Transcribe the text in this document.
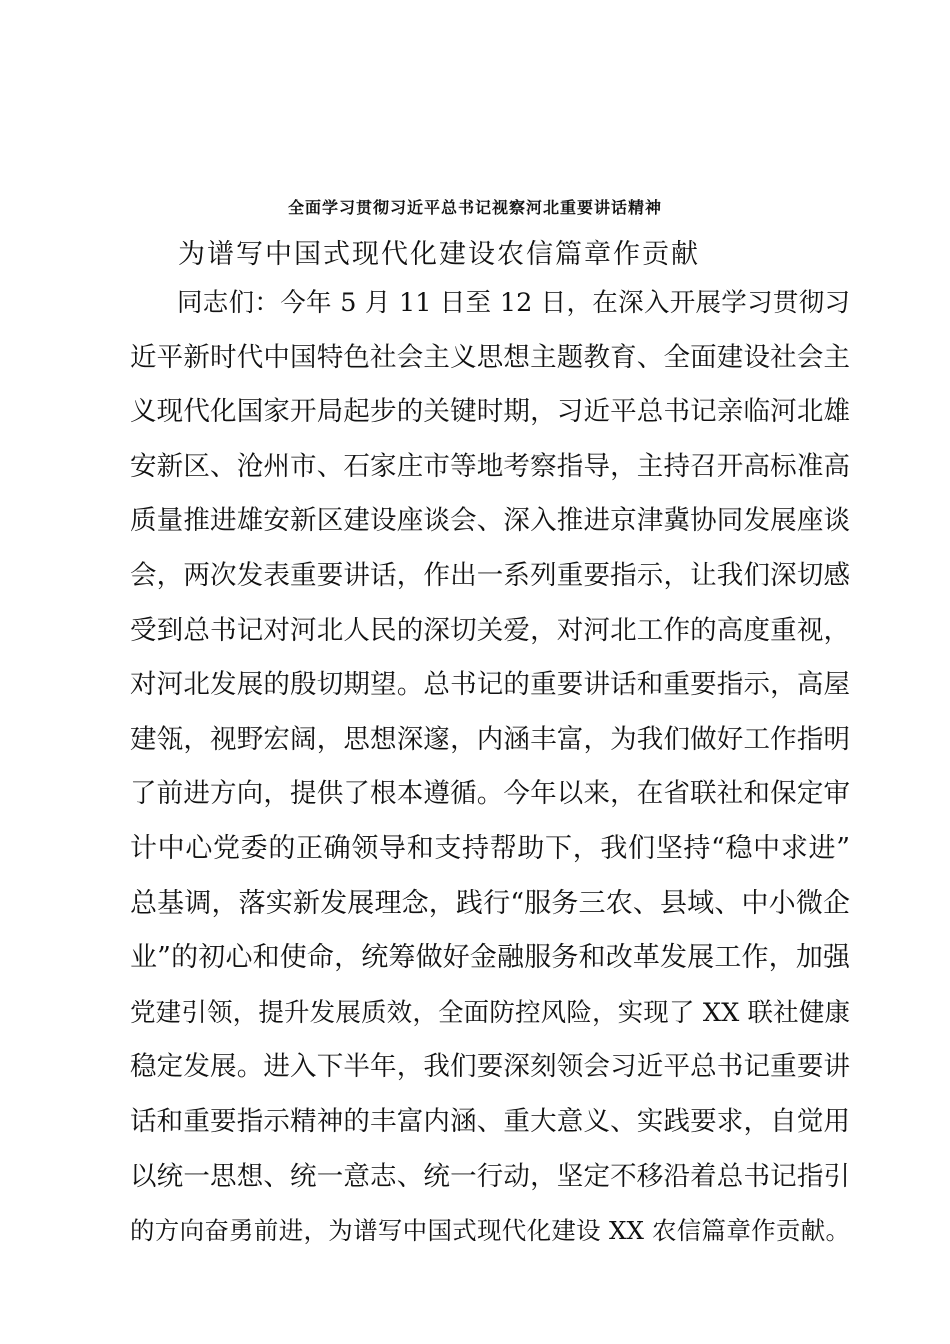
全面学习贯彻习近平总书记视察河北重要讲话精神
为谱写中国式现代化建设农信篇章作贡献
同志们：今年 5 月 11 日至 12 日，在深入开展学习贯彻习
近平新时代中国特色社会主义思想主题教育、全面建设社会主
义现代化国家开局起步的关键时期，习近平总书记亲临河北雄
安新区、沧州市、石家庄市等地考察指导，主持召开高标准高
质量推进雄安新区建设座谈会、深入推进京津冀协同发展座谈
会，两次发表重要讲话，作出一系列重要指示，让我们深切感
受到总书记对河北人民的深切关爱，对河北工作的高度重视，
对河北发展的殷切期望。总书记的重要讲话和重要指示，高屋
建瓴，视野宏阔，思想深邃，内涵丰富，为我们做好工作指明
了前进方向，提供了根本遵循。今年以来，在省联社和保定审
计中心党委的正确领导和支持帮助下，我们坚持“稳中求进”
总基调，落实新发展理念，践行“服务三农、县域、中小微企
业”的初心和使命，统筹做好金融服务和改革发展工作，加强
党建引领，提升发展质效，全面防控风险，实现了 XX 联社健康
稳定发展。进入下半年，我们要深刻领会习近平总书记重要讲
话和重要指示精神的丰富内涵、重大意义、实践要求，自觉用
以统一思想、统一意志、统一行动，坚定不移沿着总书记指引
的方向奋勇前进，为谱写中国式现代化建设 XX 农信篇章作贡献。
